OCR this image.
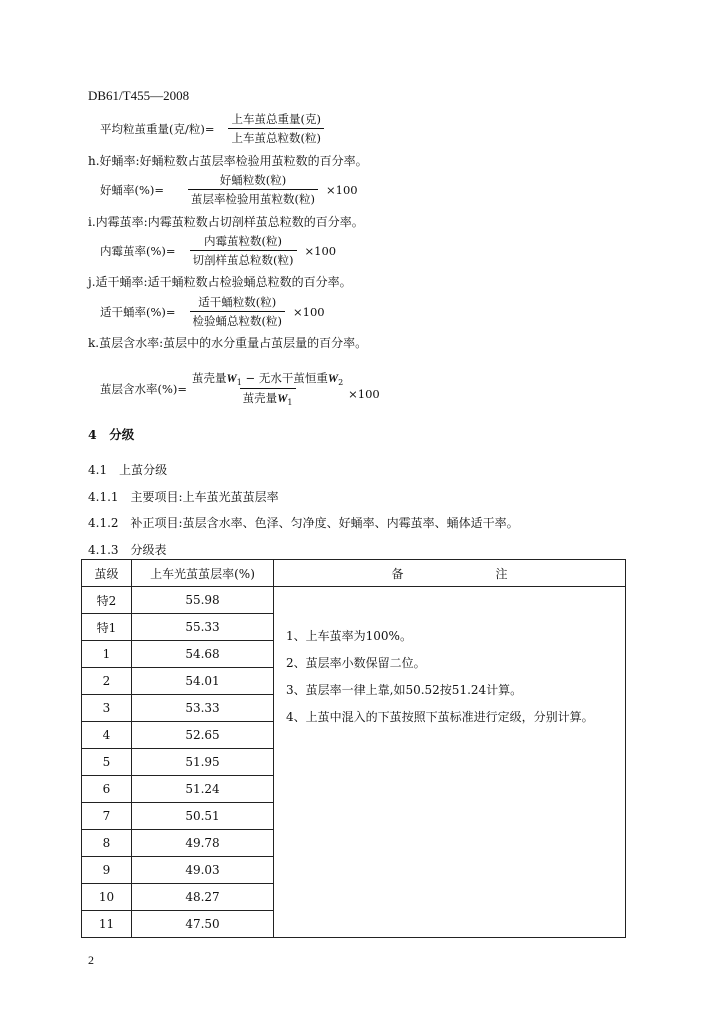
DB61/T455—2008
平均粒茧重量(克/粒)= $\frac{\text{上车茧总重量(克)}}{\text{上车茧总粒数(粒)}}$
h.好蛹率:好蛹粒数占茧层率检验用茧粒数的百分率。
好蛹率(%)= $\frac{\text{好蛹粒数(粒)}}{\text{茧层率检验用茧粒数(粒)}} \times 100$
i.内霉茧率:内霉茧粒数占切剖样茧总粒数的百分率。
内霉茧率(%)= $\frac{\text{内霉茧粒数(粒)}}{\text{切剖样茧总粒数(粒)}} \times 100$
j.适干蛹率:适干蛹粒数占检验蛹总粒数的百分率。
适干蛹率(%)= $\frac{\text{适干蛹粒数(粒)}}{\text{检验蛹总粒数(粒)}} \times 100$
k.茧层含水率:茧层中的水分重量占茧层量的百分率。
茧层含水率(%)= $\frac{茧壳量W_1 - 无水干茧恒重W_2}{茧壳量W_1} \times 100$
4　分级
4.1　上茧分级
4.1.1　主要项目:上车茧光茧茧层率
4.1.2　补正项目:茧层含水率、色泽、匀净度、好蛹率、内霉茧率、蛹体适干率。
4.1.3　分级表
茧级	上车光茧茧层率(%)	备 注
特2	55.98	1、上车茧率为100%。
2、茧层率小数保留二位。
3、茧层率一律上靠,如50.52按51.24计算。
4、上茧中混入的下茧按照下茧标准进行定级，分别计算。

特1	55.33	
1	54.68	
2	54.01	
3	53.33	
4	52.65	
5	51.95	
6	51.24	
7	50.51	
8	49.78	
9	49.03	
10	48.27	
11	47.50	
2
